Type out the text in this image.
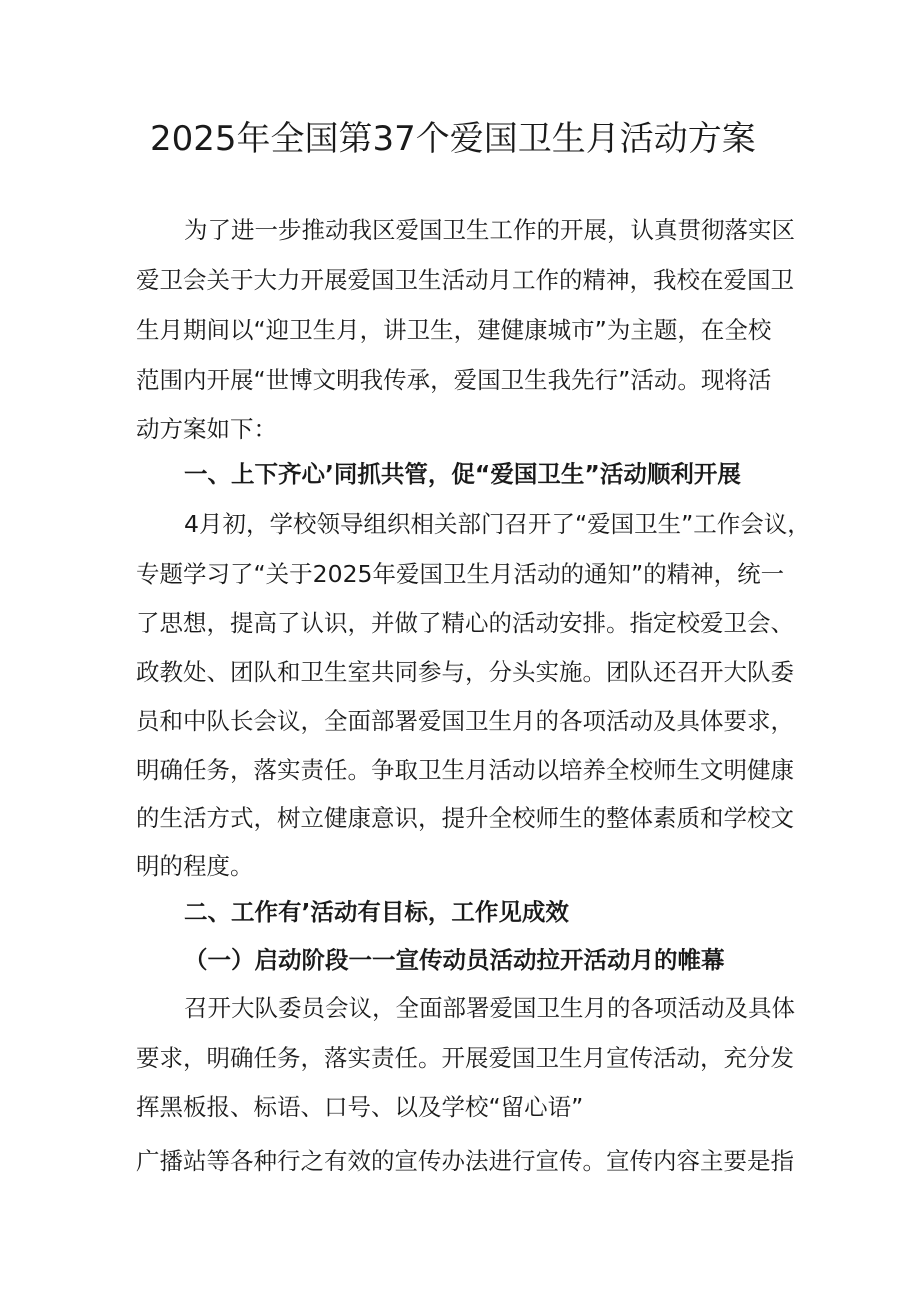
2025年全国第37个爱国卫生月活动方案

为了进一步推动我区爱国卫生工作的开展，认真贯彻落实区

爱卫会关于大力开展爱国卫生活动月工作的精神，我校在爱国卫

生月期间以“迎卫生月，讲卫生，建健康城市”为主题，在全校

范围内开展“世博文明我传承，爱国卫生我先行”活动。现将活

动方案如下：

一、上下齐心’同抓共管，促“爱国卫生”活动顺利开展

4月初，学校领导组织相关部门召开了“爱国卫生”工作会议，

专题学习了“关于2025年爱国卫生月活动的通知”的精神，统一

了思想，提高了认识，并做了精心的活动安排。指定校爱卫会、

政教处、团队和卫生室共同参与，分头实施。团队还召开大队委

员和中队长会议，全面部署爱国卫生月的各项活动及具体要求，

明确任务，落实责任。争取卫生月活动以培养全校师生文明健康

的生活方式，树立健康意识，提升全校师生的整体素质和学校文

明的程度。

二、工作有’活动有目标，工作见成效

（一）启动阶段一一宣传动员活动拉开活动月的帷幕

召开大队委员会议，全面部署爱国卫生月的各项活动及具体

要求，明确任务，落实责任。开展爱国卫生月宣传活动，充分发

挥黑板报、标语、口号、以及学校“留心语”

广播站等各种行之有效的宣传办法进行宣传。宣传内容主要是指
